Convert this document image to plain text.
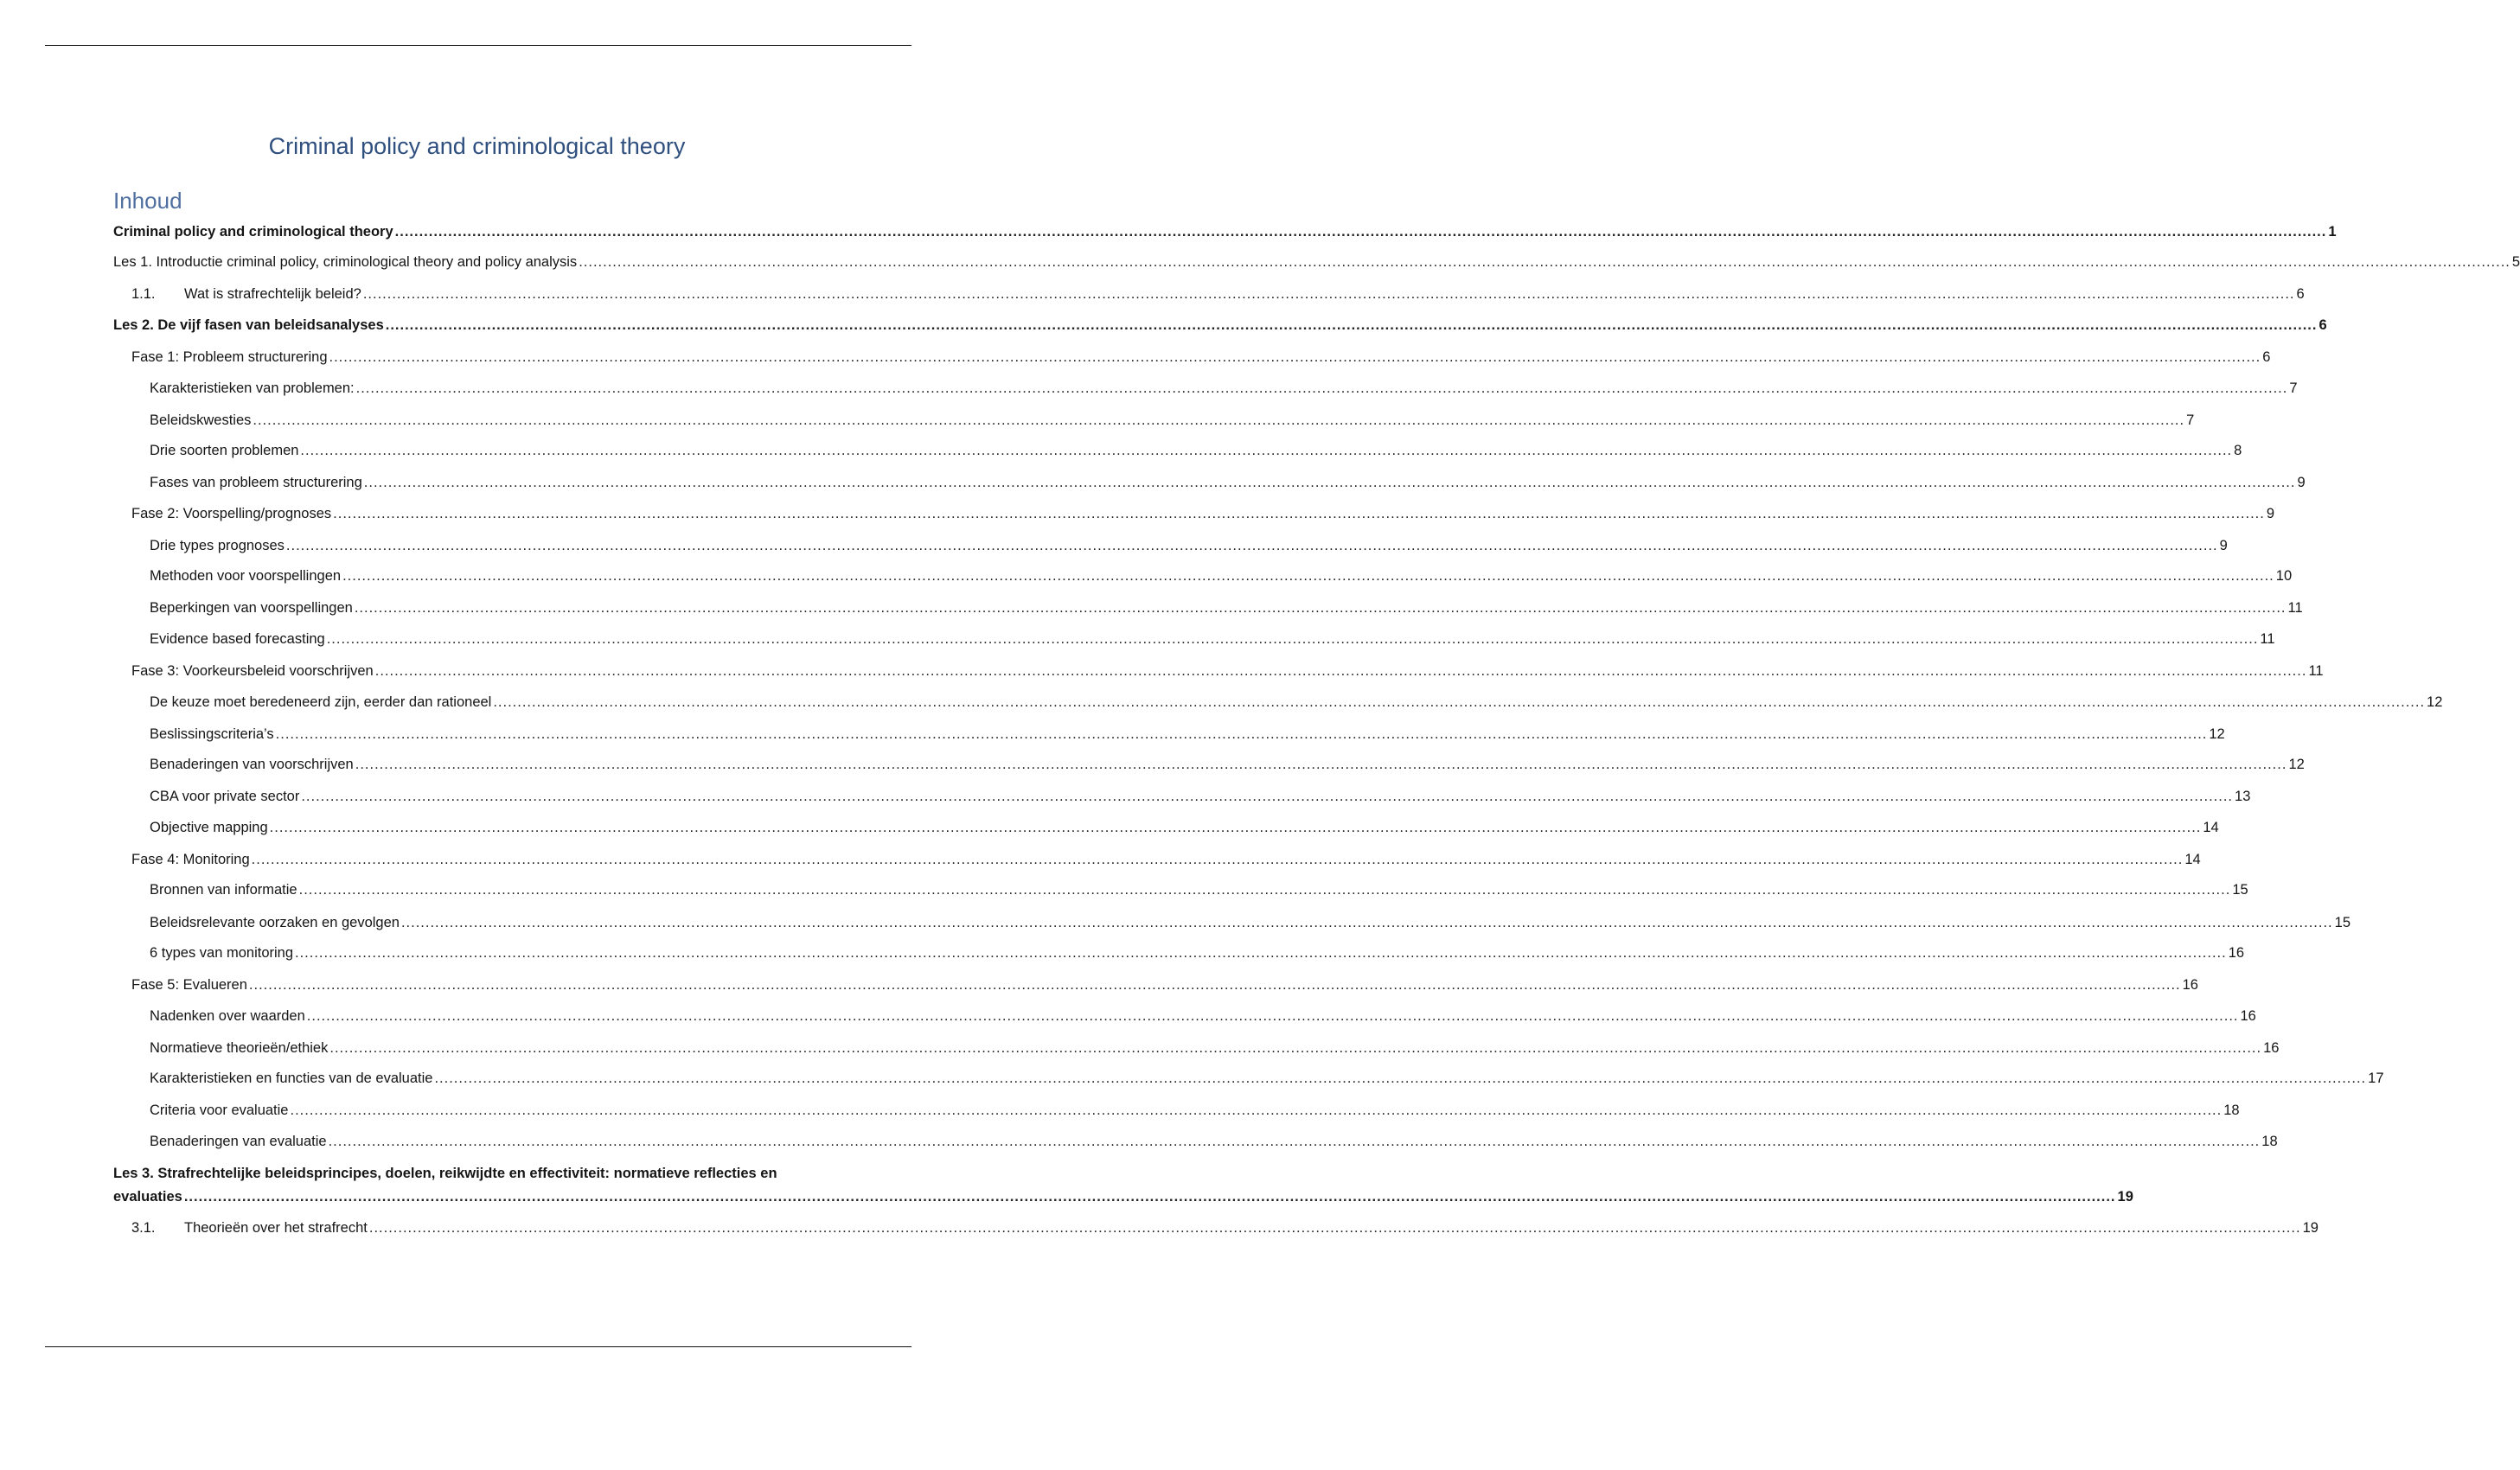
Criminal policy and criminological theory
Inhoud
Criminal policy and criminological theory ................................................................................................................................................................................................................................................................................................................................................................................................................ 1
Les 1. Introductie criminal policy, criminological theory and policy analysis ................................................................................................................................................................................................................................................................................................................................................................................................................ 5
1.1.	Wat is strafrechtelijk beleid? ................................................................................................................................................................................................................................................................................................................................................................................................................ 6
Les 2. De vijf fasen van beleidsanalyses ................................................................................................................................................................................................................................................................................................................................................................................................................ 6
Fase 1: Probleem structurering ................................................................................................................................................................................................................................................................................................................................................................................................................ 6
Karakteristieken van problemen: ................................................................................................................................................................................................................................................................................................................................................................................................................ 7
Beleidskwesties ................................................................................................................................................................................................................................................................................................................................................................................................................ 7
Drie soorten problemen ................................................................................................................................................................................................................................................................................................................................................................................................................ 8
Fases van probleem structurering ................................................................................................................................................................................................................................................................................................................................................................................................................ 9
Fase 2: Voorspelling/prognoses ................................................................................................................................................................................................................................................................................................................................................................................................................ 9
Drie types prognoses ................................................................................................................................................................................................................................................................................................................................................................................................................ 9
Methoden voor voorspellingen ................................................................................................................................................................................................................................................................................................................................................................................................................ 10
Beperkingen van voorspellingen ................................................................................................................................................................................................................................................................................................................................................................................................................ 11
Evidence based forecasting ................................................................................................................................................................................................................................................................................................................................................................................................................ 11
Fase 3: Voorkeursbeleid voorschrijven ................................................................................................................................................................................................................................................................................................................................................................................................................ 11
De keuze moet beredeneerd zijn, eerder dan rationeel ................................................................................................................................................................................................................................................................................................................................................................................................................ 12
Beslissingscriteria’s ................................................................................................................................................................................................................................................................................................................................................................................................................ 12
Benaderingen van voorschrijven ................................................................................................................................................................................................................................................................................................................................................................................................................ 12
CBA voor private sector ................................................................................................................................................................................................................................................................................................................................................................................................................ 13
Objective mapping ................................................................................................................................................................................................................................................................................................................................................................................................................ 14
Fase 4: Monitoring ................................................................................................................................................................................................................................................................................................................................................................................................................ 14
Bronnen van informatie ................................................................................................................................................................................................................................................................................................................................................................................................................ 15
Beleidsrelevante oorzaken en gevolgen ................................................................................................................................................................................................................................................................................................................................................................................................................ 15
6 types van monitoring ................................................................................................................................................................................................................................................................................................................................................................................................................ 16
Fase 5: Evalueren ................................................................................................................................................................................................................................................................................................................................................................................................................ 16
Nadenken over waarden ................................................................................................................................................................................................................................................................................................................................................................................................................ 16
Normatieve theorieën/ethiek ................................................................................................................................................................................................................................................................................................................................................................................................................ 16
Karakteristieken en functies van de evaluatie ................................................................................................................................................................................................................................................................................................................................................................................................................ 17
Criteria voor evaluatie ................................................................................................................................................................................................................................................................................................................................................................................................................ 18
Benaderingen van evaluatie ................................................................................................................................................................................................................................................................................................................................................................................................................ 18
Les 3. Strafrechtelijke beleidsprincipes, doelen, reikwijdte en effectiviteit: normatieve reflecties en
evaluaties ................................................................................................................................................................................................................................................................................................................................................................................................................ 19
3.1.	Theorieën over het strafrecht ................................................................................................................................................................................................................................................................................................................................................................................................................ 19
